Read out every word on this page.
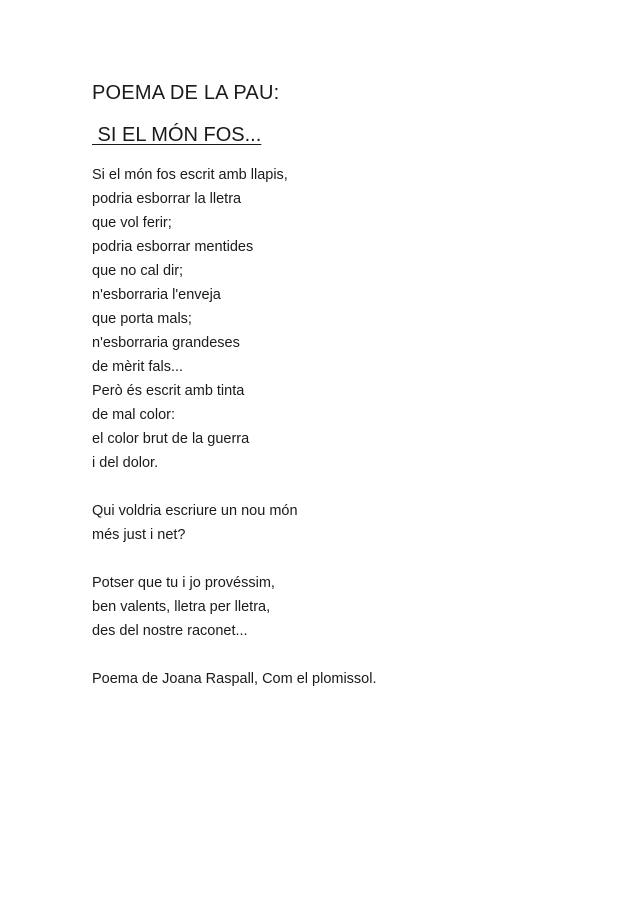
POEMA DE LA PAU:
SI EL MÓN FOS...
Si el món fos escrit amb llapis,
podria esborrar la lletra
que vol ferir;
podria esborrar mentides
que no cal dir;
n'esborraria l'enveja
que porta mals;
n'esborraria grandeses
de mèrit fals...
Però és escrit amb tinta
de mal color:
el color brut de la guerra
i del dolor.
Qui voldria escriure un nou món
més just i net?
Potser que tu i jo provéssim,
ben valents, lletra per lletra,
des del nostre raconet...
Poema de Joana Raspall, Com el plomissol.
